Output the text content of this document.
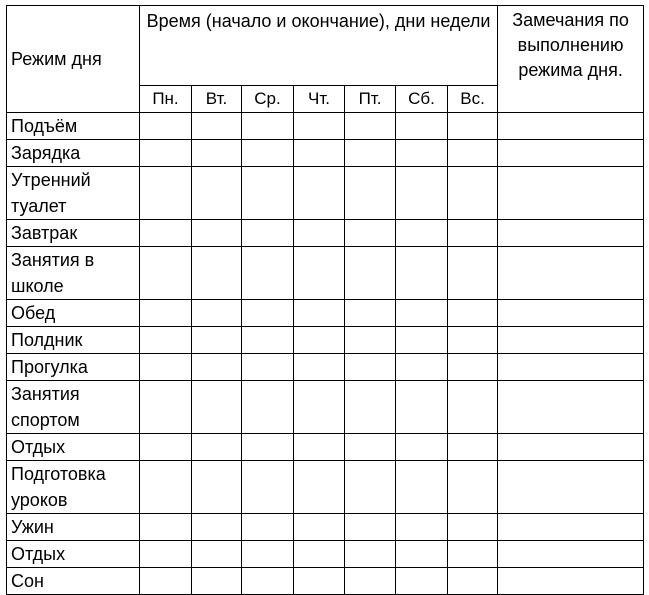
Режим дня	Время (начало и окончание), дни недели							Замечания по выполнению режима дня.
	Пн.	Вт.	Ср.	Чт.	Пт.	Сб.	Вс.	
Подъём								
Зарядка								
Утренний туалет								
Завтрак								
Занятия в школе								
Обед								
Полдник								
Прогулка								
Занятия спортом								
Отдых								
Подготовка уроков								
Ужин								
Отдых								
Сон								
